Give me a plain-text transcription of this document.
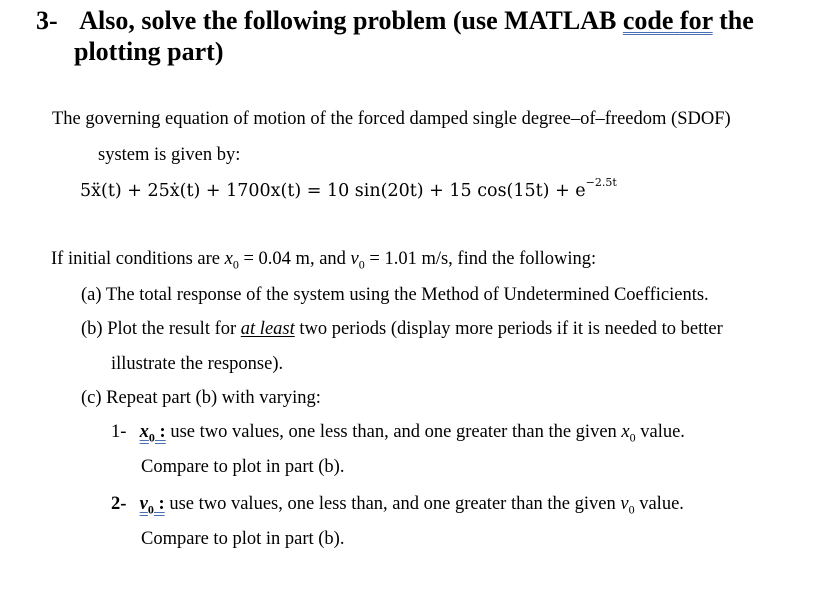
3- Also, solve the following problem (use MATLAB code for the
plotting part)
The governing equation of motion of the forced damped single degree–of–freedom (SDOF)
system is given by:
5ẍ(t) + 25ẋ(t) + 1700x(t) = 10 sin(20t) + 15 $\cos(15t) + e^{-2.5t}$
If initial conditions are $x_0 = 0.04$ m, and $v_0 = 1.01$ m/s, find the following:
(a) The total response of the system using the Method of Undetermined Coefficients.
(b) Plot the result for at least two periods (display more periods if it is needed to better
illustrate the response).
(c) Repeat part (b) with varying:
1- $x_0$ : use two values, one less than, and one greater than the given $x_0$ value.
Compare to plot in part (b).
2- $v_0$ : use two values, one less than, and one greater than the given $v_0$ value.
Compare to plot in part (b).
